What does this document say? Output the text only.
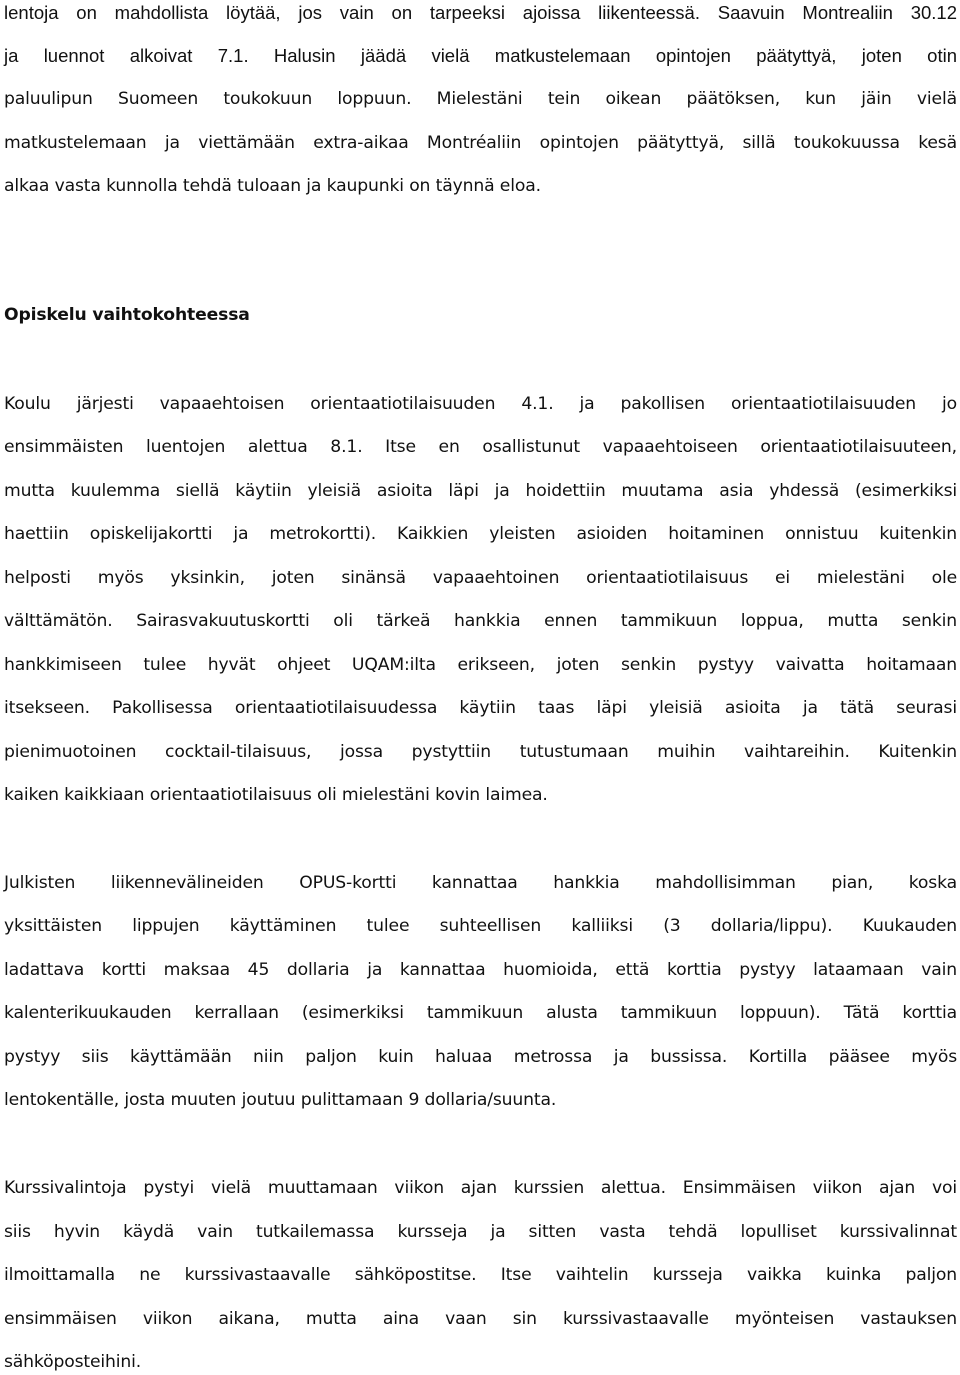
lentoja on mahdollista löytää, jos vain on tarpeeksi ajoissa liikenteessä. Saavuin Montrealiin 30.12
ja luennot alkoivat 7.1. Halusin jäädä vielä matkustelemaan opintojen päätyttyä, joten otin
paluulipun Suomeen toukokuun loppuun. Mielestäni tein oikean päätöksen, kun jäin vielä
matkustelemaan ja viettämään extra-aikaa Montréaliin opintojen päätyttyä, sillä toukokuussa kesä
alkaa vasta kunnolla tehdä tuloaan ja kaupunki on täynnä eloa.
Opiskelu vaihtokohteessa
Koulu järjesti vapaaehtoisen orientaatiotilaisuuden 4.1. ja pakollisen orientaatiotilaisuuden jo
ensimmäisten luentojen alettua 8.1. Itse en osallistunut vapaaehtoiseen orientaatiotilaisuuteen,
mutta kuulemma siellä käytiin yleisiä asioita läpi ja hoidettiin muutama asia yhdessä (esimerkiksi
haettiin opiskelijakortti ja metrokortti). Kaikkien yleisten asioiden hoitaminen onnistuu kuitenkin
helposti myös yksinkin, joten sinänsä vapaaehtoinen orientaatiotilaisuus ei mielestäni ole
välttämätön. Sairasvakuutuskortti oli tärkeä hankkia ennen tammikuun loppua, mutta senkin
hankkimiseen tulee hyvät ohjeet UQAM:ilta erikseen, joten senkin pystyy vaivatta hoitamaan
itsekseen. Pakollisessa orientaatiotilaisuudessa käytiin taas läpi yleisiä asioita ja tätä seurasi
pienimuotoinen cocktail-tilaisuus, jossa pystyttiin tutustumaan muihin vaihtareihin. Kuitenkin
kaiken kaikkiaan orientaatiotilaisuus oli mielestäni kovin laimea.
Julkisten liikennevälineiden OPUS-kortti kannattaa hankkia mahdollisimman pian, koska
yksittäisten lippujen käyttäminen tulee suhteellisen kalliiksi (3 dollaria/lippu). Kuukauden
ladattava kortti maksaa 45 dollaria ja kannattaa huomioida, että korttia pystyy lataamaan vain
kalenterikuukauden kerrallaan (esimerkiksi tammikuun alusta tammikuun loppuun). Tätä korttia
pystyy siis käyttämään niin paljon kuin haluaa metrossa ja bussissa. Kortilla pääsee myös
lentokentälle, josta muuten joutuu pulittamaan 9 dollaria/suunta.
Kurssivalintoja pystyi vielä muuttamaan viikon ajan kurssien alettua. Ensimmäisen viikon ajan voi
siis hyvin käydä vain tutkailemassa kursseja ja sitten vasta tehdä lopulliset kurssivalinnat
ilmoittamalla ne kurssivastaavalle sähköpostitse. Itse vaihtelin kursseja vaikka kuinka paljon
ensimmäisen viikon aikana, mutta aina vaan sin kurssivastaavalle myönteisen vastauksen
sähköposteihini.
